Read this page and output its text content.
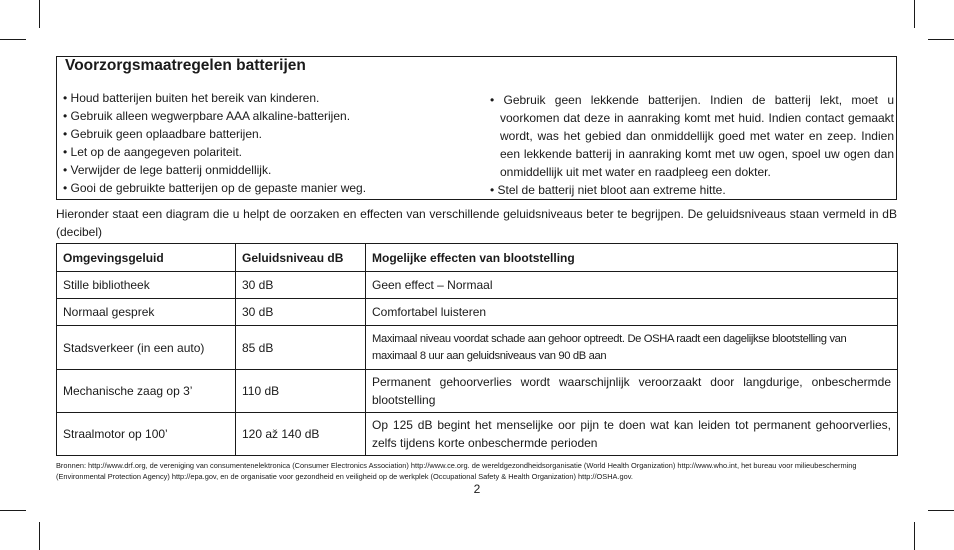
Voorzorgsmaatregelen batterijen
• Houd batterijen buiten het bereik van kinderen.
• Gebruik alleen wegwerpbare AAA alkaline-batterijen.
• Gebruik geen oplaadbare batterijen.
• Let op de aangegeven polariteit.
• Verwijder de lege batterij onmiddellijk.
• Gooi de gebruikte batterijen op de gepaste manier weg.
• Gebruik geen lekkende batterijen. Indien de batterij lekt, moet u voorkomen dat deze in aanraking komt met huid. Indien contact gemaakt wordt, was het gebied dan onmiddellijk goed met water en zeep. Indien een lekkende batterij in aanraking komt met uw ogen, spoel uw ogen dan onmiddellijk uit met water en raadpleeg een dokter.
• Stel de batterij niet bloot aan extreme hitte.
Hieronder staat een diagram die u helpt de oorzaken en effecten van verschillende geluidsniveaus beter te begrijpen. De geluidsniveaus staan vermeld in dB (decibel)
Omgevingsgeluid	Geluidsniveau dB	Mogelijke effecten van blootstelling
Stille bibliotheek	30 dB	Geen effect – Normaal
Normaal gesprek	30 dB	Comfortabel luisteren
Stadsverkeer (in een auto)	85 dB	Maximaal niveau voordat schade aan gehoor optreedt. De OSHA raadt een dagelijkse blootstelling van maximaal 8 uur aan geluidsniveaus van 90 dB aan
Mechanische zaag op 3’	110 dB	Permanent gehoorverlies wordt waarschijnlijk veroorzaakt door langdurige, onbeschermde blootstelling
Straalmotor op 100’	120 až 140 dB	Op 125 dB begint het menselijke oor pijn te doen wat kan leiden tot permanent gehoorverlies, zelfs tijdens korte onbeschermde perioden
Bronnen: http://www.drf.org, de vereniging van consumentenelektronica (Consumer Electronics Association) http://www.ce.org. de wereldgezondheidsorganisatie (World Health Organization) http://www.who.int, het bureau voor milieubescherming
(Environmental Protection Agency) http://epa.gov, en de organisatie voor gezondheid en veiligheid op de werkplek (Occupational Safety & Health Organization) http://OSHA.gov.
2
